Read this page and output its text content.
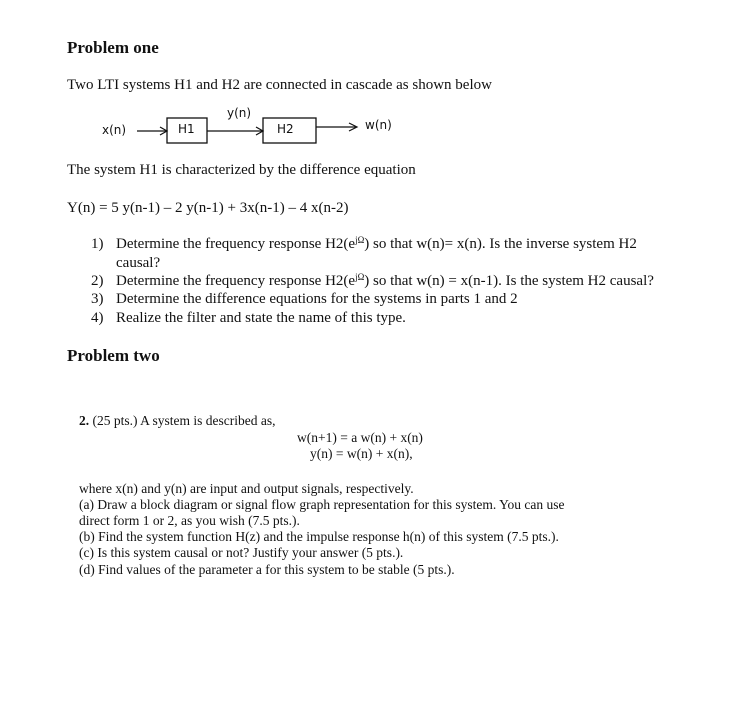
Problem one
Two LTI systems H1 and H2 are connected in cascade as shown below
x(n)	H1
y(n)
H2	w(n)
The system H1 is characterized by the difference equation
Y(n) = 5 y(n-1) – 2 y(n-1) + 3x(n-1) – 4 x(n-2)
1) Determine the frequency response $H2(e^{j\Omega})$ so that w(n)= x(n). Is the inverse system H2
causal?
2) Determine the frequency response $H2(e^{j\Omega})$ so that w(n) = x(n-1). Is the system H2 causal?
3) Determine the difference equations for the systems in parts 1 and 2
4) Realize the filter and state the name of this type.
Problem two
2. (25 pts.) A system is described as,
w(n+1) = a w(n) + x(n)
y(n) = w(n) + x(n),
where x(n) and y(n) are input and output signals, respectively.
(a) Draw a block diagram or signal flow graph representation for this system. You can use
direct form 1 or 2, as you wish (7.5 pts.).
(b) Find the system function H(z) and the impulse response h(n) of this system (7.5 pts.).
(c) Is this system causal or not? Justify your answer (5 pts.).
(d) Find values of the parameter a for this system to be stable (5 pts.).
